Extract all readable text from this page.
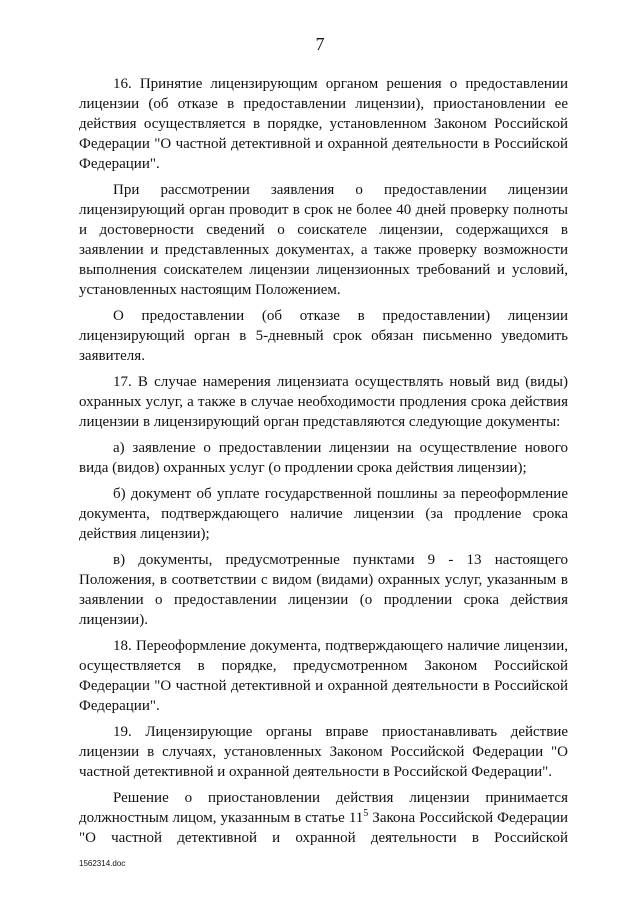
7

16. Принятие лицензирующим органом решения о предоставлении лицензии (об отказе в предоставлении лицензии), приостановлении ее действия осуществляется в порядке, установленном Законом Российской Федерации "О частной детективной и охранной деятельности в Российской Федерации".

При рассмотрении заявления о предоставлении лицензии лицензирующий орган проводит в срок не более 40 дней проверку полноты и достоверности сведений о соискателе лицензии, содержащихся в заявлении и представленных документах, а также проверку возможности выполнения соискателем лицензии лицензионных требований и условий, установленных настоящим Положением.

О предоставлении (об отказе в предоставлении) лицензии лицензирующий орган в 5-дневный срок обязан письменно уведомить заявителя.

17. В случае намерения лицензиата осуществлять новый вид (виды) охранных услуг, а также в случае необходимости продления срока действия лицензии в лицензирующий орган представляются следующие документы:

а) заявление о предоставлении лицензии на осуществление нового вида (видов) охранных услуг (о продлении срока действия лицензии);

б) документ об уплате государственной пошлины за переоформление документа, подтверждающего наличие лицензии (за продление срока действия лицензии);

в) документы, предусмотренные пунктами 9 - 13 настоящего Положения, в соответствии с видом (видами) охранных услуг, указанным в заявлении о предоставлении лицензии (о продлении срока действия лицензии).

18. Переоформление документа, подтверждающего наличие лицензии, осуществляется в порядке, предусмотренном Законом Российской Федерации "О частной детективной и охранной деятельности в Российской Федерации".

19. Лицензирующие органы вправе приостанавливать действие лицензии в случаях, установленных Законом Российской Федерации "О частной детективной и охранной деятельности в Российской Федерации".

Решение о приостановлении действия лицензии принимается должностным лицом, указанным в статье $11^5$ Закона Российской Федерации "О частной детективной и охранной деятельности в Российской

1562314.doc
